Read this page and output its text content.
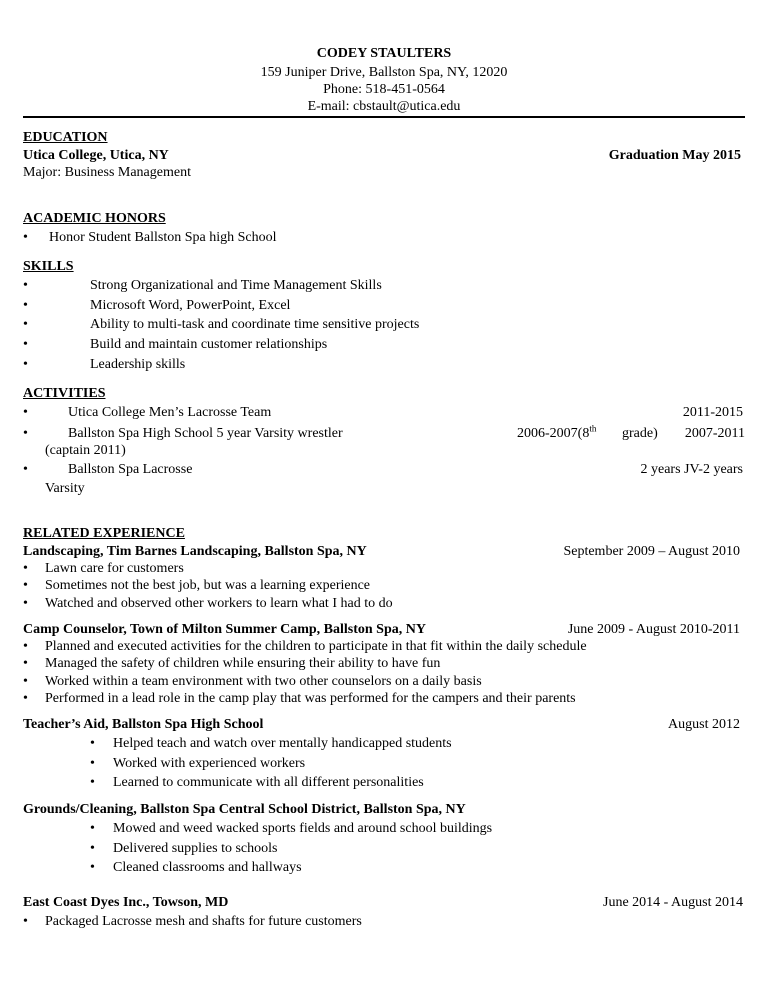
CODEY STAULTERS
159 Juniper Drive, Ballston Spa, NY, 12020
Phone: 518-451-0564
E-mail: cbstault@utica.edu
EDUCATION
Utica College, Utica, NY	Graduation May 2015
Major: Business Management
ACADEMIC HONORS
• Honor Student Ballston Spa high School
SKILLS
•	Strong Organizational and Time Management Skills
•	Microsoft Word, PowerPoint, Excel
•	Ability to multi-task and coordinate time sensitive projects
•	Build and maintain customer relationships
•	Leadership skills
ACTIVITIES
•	Utica College Men’s Lacrosse Team	2011-2015
•	Ballston Spa High School 5 year Varsity wrestler	2006-2007(8th grade) 2007-2011
(captain 2011)
•	Ballston Spa Lacrosse	2 years JV-2 years
Varsity
RELATED EXPERIENCE
Landscaping, Tim Barnes Landscaping, Ballston Spa, NY	September 2009 – August 2010
• Lawn care for customers
• Sometimes not the best job, but was a learning experience
• Watched and observed other workers to learn what I had to do
Camp Counselor, Town of Milton Summer Camp, Ballston Spa, NY	June 2009 - August 2010-2011
• Planned and executed activities for the children to participate in that fit within the daily schedule
• Managed the safety of children while ensuring their ability to have fun
• Worked within a team environment with two other counselors on a daily basis
• Performed in a lead role in the camp play that was performed for the campers and their parents
Teacher’s Aid, Ballston Spa High School	August 2012
• Helped teach and watch over mentally handicapped students
• Worked with experienced workers
• Learned to communicate with all different personalities
Grounds/Cleaning, Ballston Spa Central School District, Ballston Spa, NY
• Mowed and weed wacked sports fields and around school buildings
• Delivered supplies to schools
• Cleaned classrooms and hallways
East Coast Dyes Inc., Towson, MD	June 2014 - August 2014
• Packaged Lacrosse mesh and shafts for future customers
